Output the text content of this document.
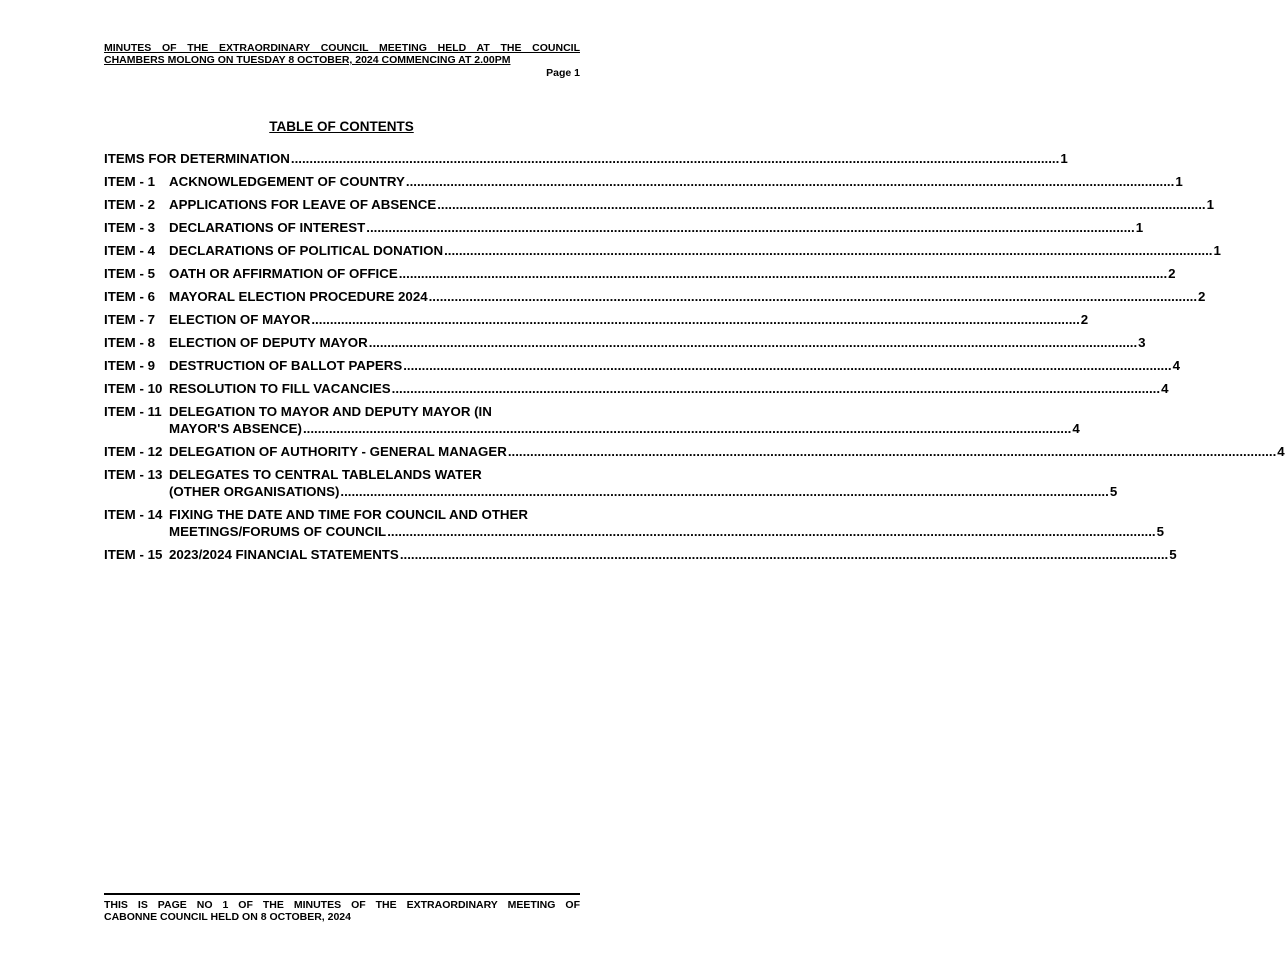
MINUTES OF THE EXTRAORDINARY COUNCIL MEETING HELD AT THE COUNCIL
CHAMBERS MOLONG ON TUESDAY 8 OCTOBER, 2024 COMMENCING AT 2.00PM
Page 1
TABLE OF CONTENTS
ITEMS FOR DETERMINATION .....	1
ITEM - 1	ACKNOWLEDGEMENT OF COUNTRY .....	1
ITEM - 2	APPLICATIONS FOR LEAVE OF ABSENCE .....	1
ITEM - 3	DECLARATIONS OF INTEREST .....	1
ITEM - 4	DECLARATIONS OF POLITICAL DONATION .....	1
ITEM - 5	OATH OR AFFIRMATION OF OFFICE .....	2
ITEM - 6	MAYORAL ELECTION PROCEDURE 2024 .....	2
ITEM - 7	ELECTION OF MAYOR .....	2
ITEM - 8	ELECTION OF DEPUTY MAYOR .....	3
ITEM - 9	DESTRUCTION OF BALLOT PAPERS .....	4
ITEM - 10 RESOLUTION TO FILL VACANCIES .....	4
ITEM - 11 DELEGATION TO MAYOR AND DEPUTY MAYOR (IN
MAYOR'S ABSENCE) .....	4
ITEM - 12 DELEGATION OF AUTHORITY - GENERAL MANAGER .....	4
ITEM - 13 DELEGATES TO CENTRAL TABLELANDS WATER
(OTHER ORGANISATIONS) .....	5
ITEM - 14 FIXING THE DATE AND TIME FOR COUNCIL AND OTHER
MEETINGS/FORUMS OF COUNCIL .....	5
ITEM - 15 2023/2024 FINANCIAL STATEMENTS .....	5
THIS IS PAGE NO 1 OF THE MINUTES OF THE EXTRAORDINARY MEETING OF
CABONNE COUNCIL HELD ON 8 OCTOBER, 2024
